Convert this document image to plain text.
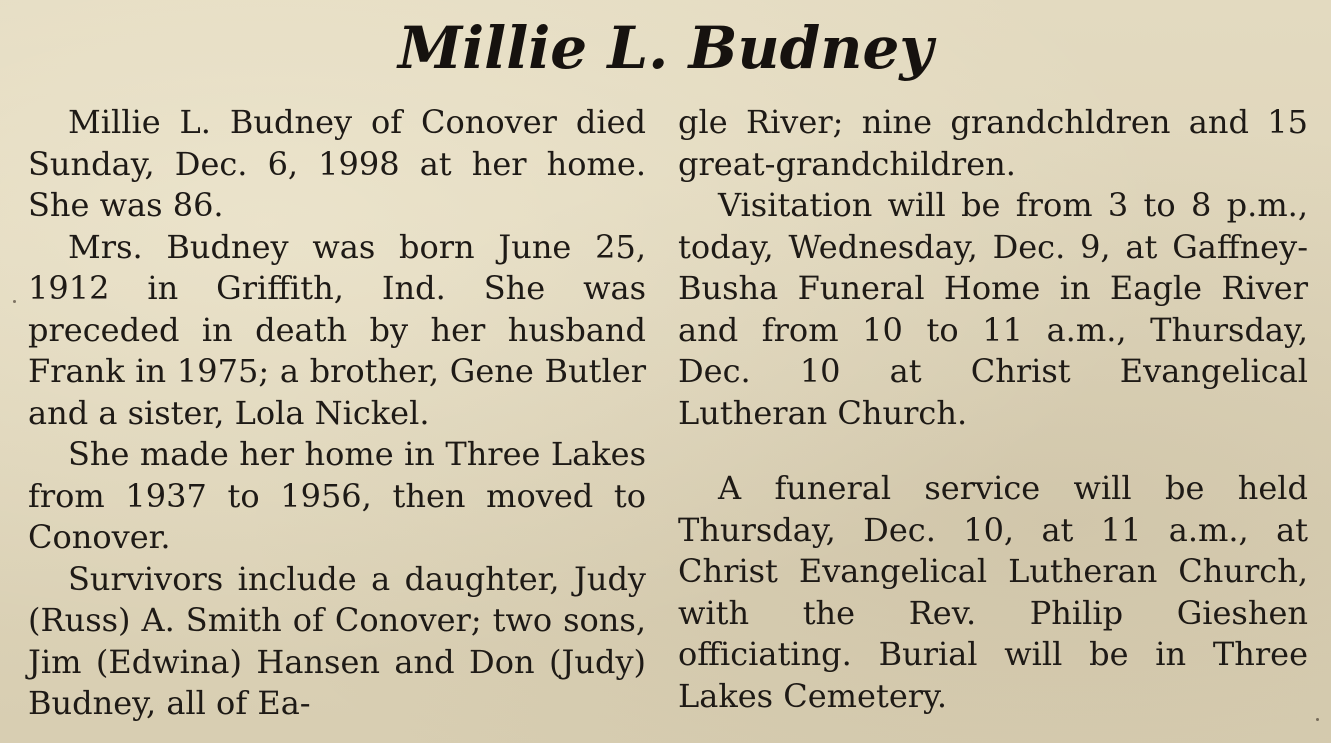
Millie L. Budney

Millie L. Budney of Conover died Sunday, Dec. 6, 1998 at her home. She was 86.

Mrs. Budney was born June 25, 1912 in Griffith, Ind. She was preceded in death by her husband Frank in 1975; a brother, Gene Butler and a sister, Lola Nickel.

She made her home in Three Lakes from 1937 to 1956, then moved to Conover.

Survivors include a daughter, Judy (Russ) A. Smith of Conover; two sons, Jim (Edwina) Hansen and Don (Judy) Budney, all of Ea-

gle River; nine grandchldren and 15 great-grandchildren.

Visitation will be from 3 to 8 p.m., today, Wednesday, Dec. 9, at Gaffney-Busha Funeral Home in Eagle River and from 10 to 11 a.m., Thursday, Dec. 10 at Christ Evangelical Lutheran Church.

A funeral service will be held Thursday, Dec. 10, at 11 a.m., at Christ Evangelical Lutheran Church, with the Rev. Philip Gieshen officiating. Burial will be in Three Lakes Cemetery.
